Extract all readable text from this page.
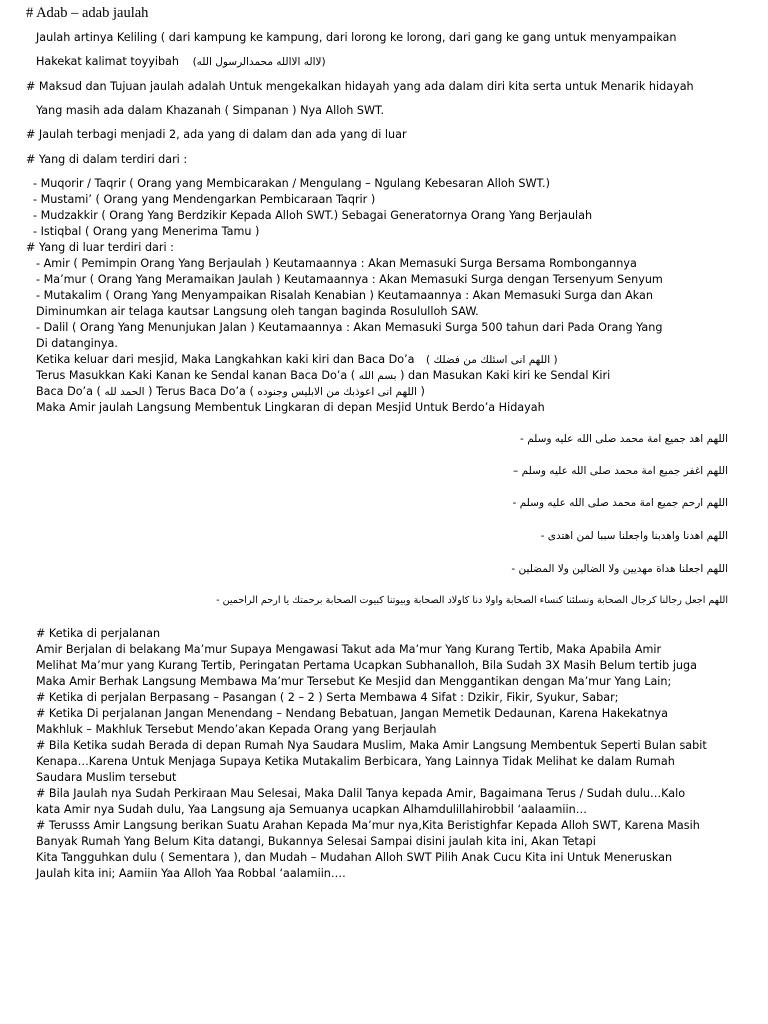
# Adab – adab jaulah
Jaulah artinya Keliling ( dari kampung ke kampung, dari lorong ke lorong, dari gang ke gang untuk menyampaikan
Hakekat kalimat toyyibah (لااله الاالله محمدالرسول الله)
# Maksud dan Tujuan jaulah adalah Untuk mengekalkan hidayah yang ada dalam diri kita serta untuk Menarik hidayah
Yang masih ada dalam Khazanah ( Simpanan ) Nya Alloh SWT.
# Jaulah terbagi menjadi 2, ada yang di dalam dan ada yang di luar
# Yang di dalam terdiri dari :
- Muqorir / Taqrir ( Orang yang Membicarakan / Mengulang – Ngulang Kebesaran Alloh SWT.)
- Mustami’ ( Orang yang Mendengarkan Pembicaraan Taqrir )
- Mudzakkir ( Orang Yang Berdzikir Kepada Alloh SWT.) Sebagai Generatornya Orang Yang Berjaulah
- Istiqbal ( Orang yang Menerima Tamu )
# Yang di luar terdiri dari :
- Amir ( Pemimpin Orang Yang Berjaulah ) Keutamaannya : Akan Memasuki Surga Bersama Rombongannya
- Ma’mur ( Orang Yang Meramaikan Jaulah ) Keutamaannya : Akan Memasuki Surga dengan Tersenyum Senyum
- Mutakalim ( Orang Yang Menyampaikan Risalah Kenabian ) Keutamaannya : Akan Memasuki Surga dan Akan
Diminumkan air telaga kautsar Langsung oleh tangan baginda Rosululloh SAW.
- Dalil ( Orang Yang Menunjukan Jalan ) Keutamaannya : Akan Memasuki Surga 500 tahun dari Pada Orang Yang
Di datanginya.
Ketika keluar dari mesjid, Maka Langkahkan kaki kiri dan Baca Do’a ( اللهم انى اسئلك من فضلك )
Terus Masukkan Kaki Kanan ke Sendal kanan Baca Do’a ( بسم الله ) dan Masukan Kaki kiri ke Sendal Kiri
Baca Do’a ( الحمد لله ) Terus Baca Do’a ( اللهم انى اعوذبك من الابليس وجنوده )
Maka Amir jaulah Langsung Membentuk Lingkaran di depan Mesjid Untuk Berdo’a Hidayah
اللهم اهد جميع امة محمد صلى الله عليه وسلم -
اللهم اغفر جميع امة محمد صلى الله عليه وسلم –
اللهم ارحم جميع امة محمد صلى الله عليه وسلم -
اللهم اهدنا واهدبنا واجعلنا سببا لمن اهتدى -
اللهم اجعلنا هداة مهديين ولا الضالين ولا المضلين -
اللهم اجعل رجالنا كرجال الصحابة ونسلئنا كنساء الصحابة واولا دنا كاولاد الصحابة وبيوتنا كبيوت الصحابة برحمتك يا ارحم الراحمين -
# Ketika di perjalanan
Amir Berjalan di belakang Ma’mur Supaya Mengawasi Takut ada Ma’mur Yang Kurang Tertib, Maka Apabila Amir
Melihat Ma’mur yang Kurang Tertib, Peringatan Pertama Ucapkan Subhanalloh, Bila Sudah 3X Masih Belum tertib juga
Maka Amir Berhak Langsung Membawa Ma’mur Tersebut Ke Mesjid dan Menggantikan dengan Ma’mur Yang Lain;
# Ketika di perjalan Berpasang – Pasangan ( 2 – 2 ) Serta Membawa 4 Sifat : Dzikir, Fikir, Syukur, Sabar;
# Ketika Di perjalanan Jangan Menendang – Nendang Bebatuan, Jangan Memetik Dedaunan, Karena Hakekatnya
Makhluk – Makhluk Tersebut Mendo’akan Kepada Orang yang Berjaulah
# Bila Ketika sudah Berada di depan Rumah Nya Saudara Muslim, Maka Amir Langsung Membentuk Seperti Bulan sabit
Kenapa…Karena Untuk Menjaga Supaya Ketika Mutakalim Berbicara, Yang Lainnya Tidak Melihat ke dalam Rumah
Saudara Muslim tersebut
# Bila Jaulah nya Sudah Perkiraan Mau Selesai, Maka Dalil Tanya kepada Amir, Bagaimana Terus / Sudah dulu…Kalo
kata Amir nya Sudah dulu, Yaa Langsung aja Semuanya ucapkan Alhamdulillahirobbil ‘aalaamiin…
# Terusss Amir Langsung berikan Suatu Arahan Kepada Ma’mur nya,Kita Beristighfar Kepada Alloh SWT, Karena Masih
Banyak Rumah Yang Belum Kita datangi, Bukannya Selesai Sampai disini jaulah kita ini, Akan Tetapi
Kita Tangguhkan dulu ( Sementara ), dan Mudah – Mudahan Alloh SWT Pilih Anak Cucu Kita ini Untuk Meneruskan
Jaulah kita ini; Aamiin Yaa Alloh Yaa Robbal ‘aalamiin….
